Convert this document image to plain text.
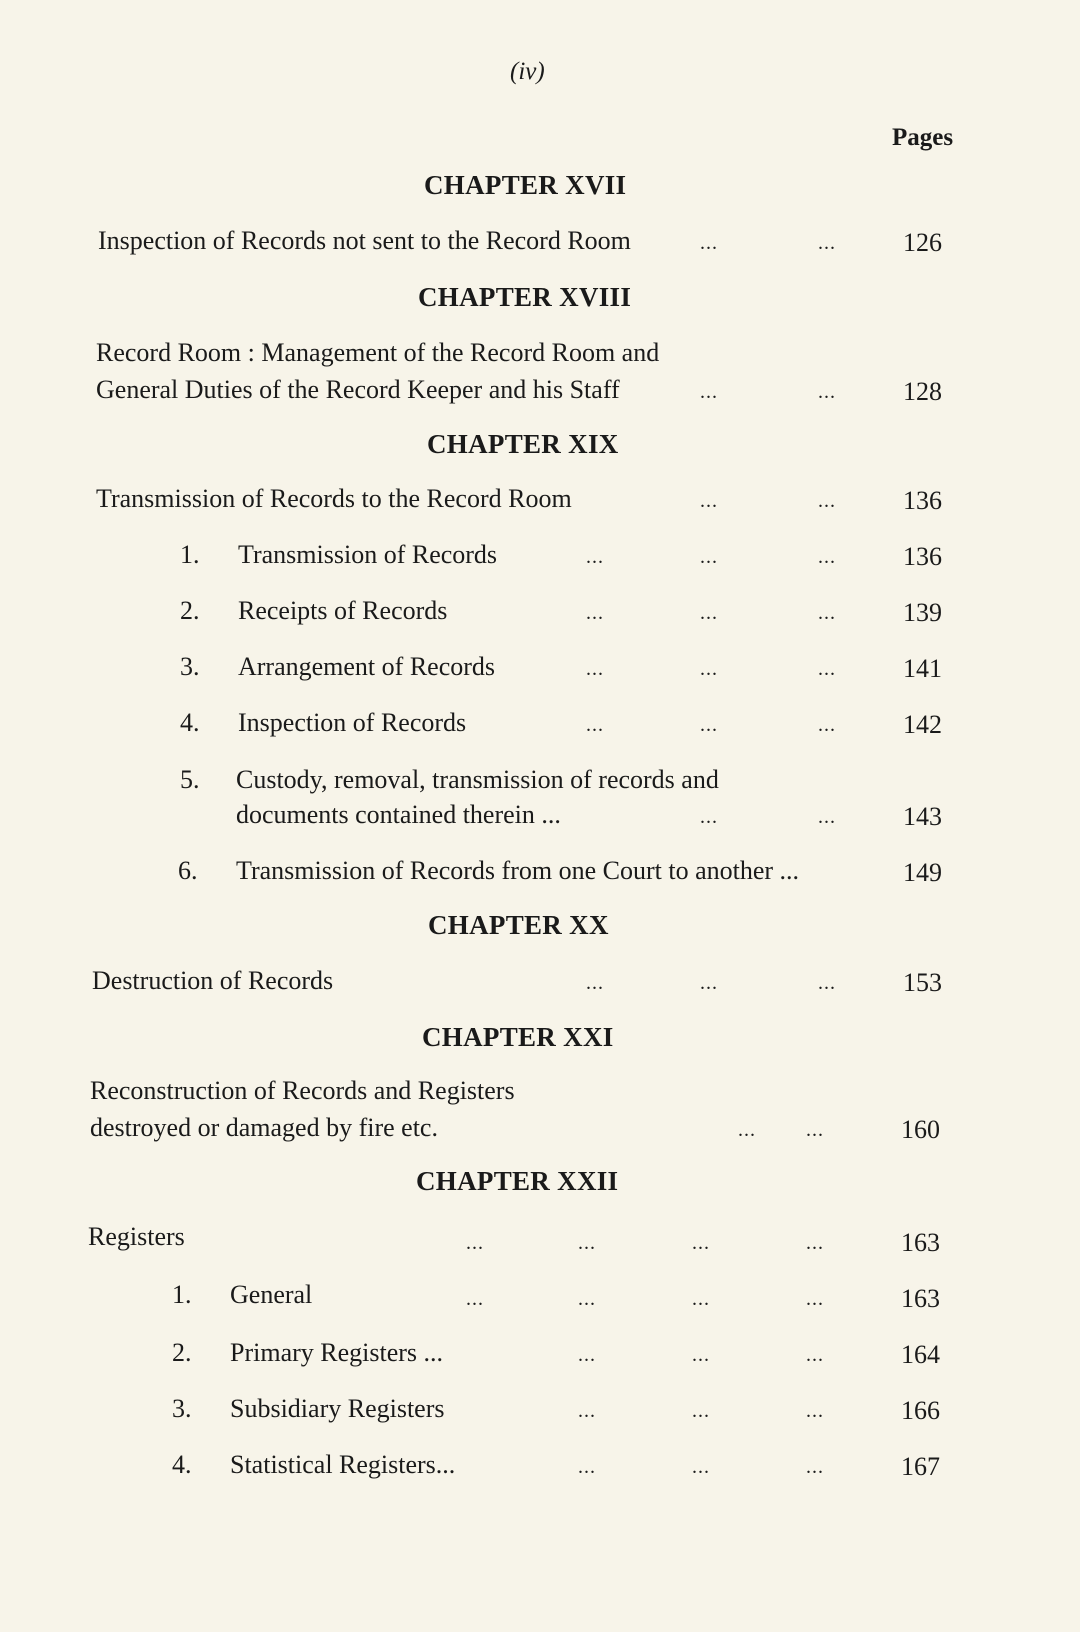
(iv)
Pages
CHAPTER XVII
Inspection of Records not sent to the Record Room	...	...	126
CHAPTER XVIII
Record Room : Management of the Record Room and
General Duties of the Record Keeper and his Staff	...	...	128
CHAPTER XIX
Transmission of Records to the Record Room	...	...	136
1. Transmission of Records	...	...	...	136
2. Receipts of Records	...	...	...	139
3. Arrangement of Records	...	...	...	141
4. Inspection of Records	...	...	...	142
5. Custody, removal, transmission of records and
documents contained therein ...	...	...	143
6. Transmission of Records from one Court to another ...	149
CHAPTER XX
Destruction of Records	...	...	...	153
CHAPTER XXI
Reconstruction of Records and Registers
destroyed or damaged by fire etc.	...	...	160
CHAPTER XXII
Registers	...	...	...	...	163
1. General	...	...	...	...	163
2. Primary Registers ...	...	...	...	164
3. Subsidiary Registers	...	...	...	166
4. Statistical Registers...	...	...	...	167
